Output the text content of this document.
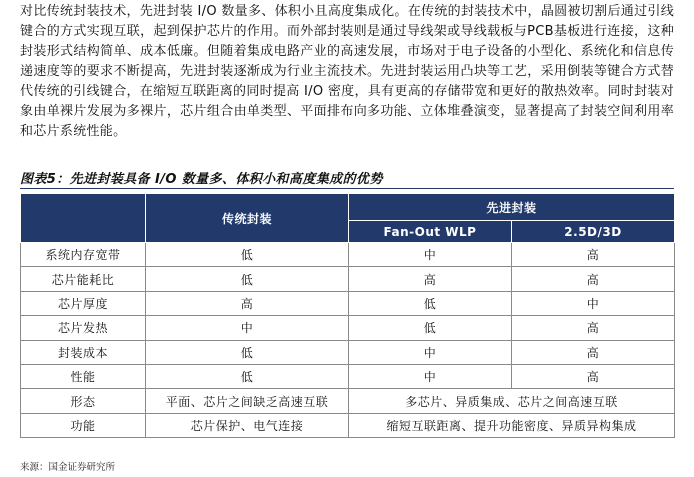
对比传统封装技术，先进封装 I/O 数量多、体积小且高度集成化。在传统的封装技术中，晶圆被切割后通过引线键合的方式实现互联，起到保护芯片的作用。而外部封装则是通过导线架或导线载板与PCB基板进行连接，这种封装形式结构简单、成本低廉。但随着集成电路产业的高速发展，市场对于电子设备的小型化、系统化和信息传递速度等的要求不断提高，先进封装逐渐成为行业主流技术。先进封装运用凸块等工艺，采用倒装等键合方式替代传统的引线键合，在缩短互联距离的同时提高 I/O 密度，具有更高的存储带宽和更好的散热效率。同时封装对象由单裸片发展为多裸片，芯片组合由单类型、平面排布向多功能、立体堆叠演变，显著提高了封装空间利用率和芯片系统性能。

图表5：先进封装具备 I/O 数量多、体积小和高度集成的优势
	传统封装	先进封装	
		Fan-Out WLP	2.5D/3D
系统内存宽带	低	中	高
芯片能耗比	低	高	高
芯片厚度	高	低	中
芯片发热	中	低	高
封装成本	低	中	高
性能	低	中	高
形态	平面、芯片之间缺乏高速互联	多芯片、异质集成、芯片之间高速互联	
功能	芯片保护、电气连接	缩短互联距离、提升功能密度、异质异构集成	
来源：国金证券研究所
